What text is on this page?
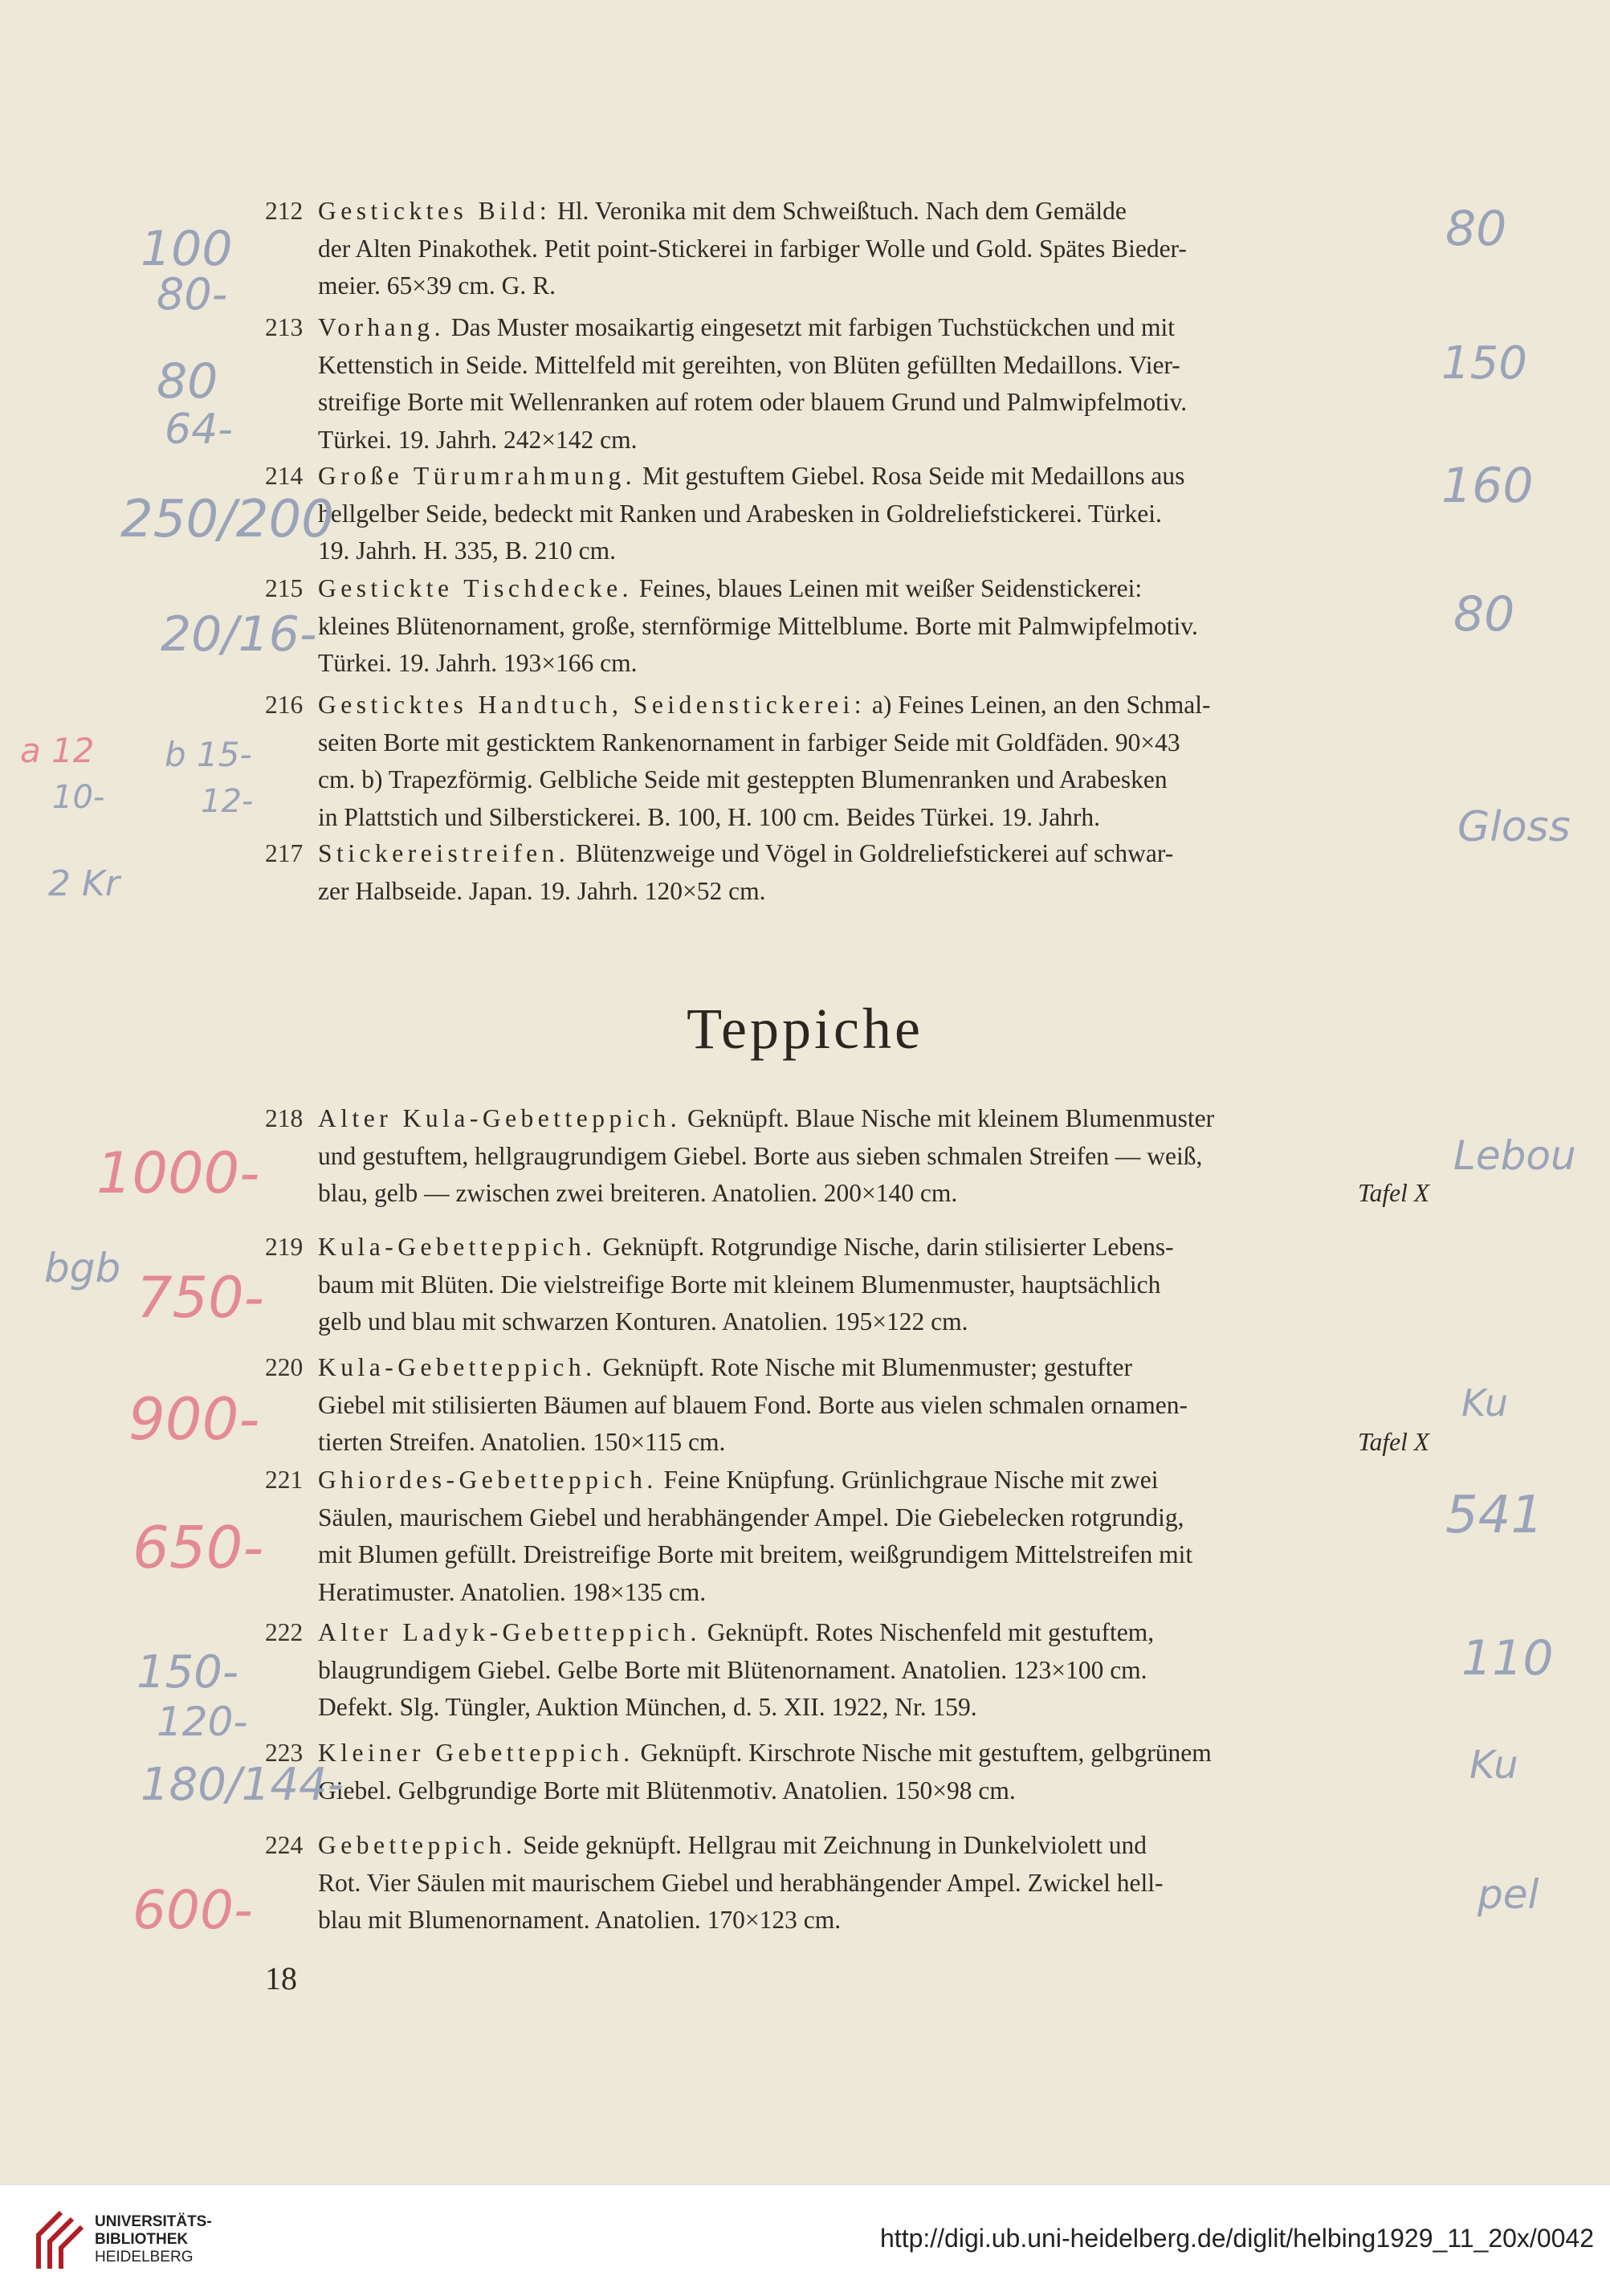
212 Gesticktes Bild: Hl. Veronika mit dem Schweißtuch. Nach dem Gemälde
der Alten Pinakothek. Petit point-Stickerei in farbiger Wolle und Gold. Spätes Bieder-
meier. 65×39 cm. G. R.
213 Vorhang. Das Muster mosaikartig eingesetzt mit farbigen Tuchstückchen und mit
Kettenstich in Seide. Mittelfeld mit gereihten, von Blüten gefüllten Medaillons. Vier-
streifige Borte mit Wellenranken auf rotem oder blauem Grund und Palmwipfelmotiv.
Türkei. 19. Jahrh. 242×142 cm.
214 Große Türumrahmung. Mit gestuftem Giebel. Rosa Seide mit Medaillons aus
hellgelber Seide, bedeckt mit Ranken und Arabesken in Goldreliefstickerei. Türkei.
19. Jahrh. H. 335, B. 210 cm.
215 Gestickte Tischdecke. Feines, blaues Leinen mit weißer Seidenstickerei:
kleines Blütenornament, große, sternförmige Mittelblume. Borte mit Palmwipfelmotiv.
Türkei. 19. Jahrh. 193×166 cm.
216 Gesticktes Handtuch, Seidenstickerei: a) Feines Leinen, an den Schmal-
seiten Borte mit gesticktem Rankenornament in farbiger Seide mit Goldfäden. 90×43
cm. b) Trapezförmig. Gelbliche Seide mit gesteppten Blumenranken und Arabesken
in Plattstich und Silberstickerei. B. 100, H. 100 cm. Beides Türkei. 19. Jahrh.
217 Stickereistreifen. Blütenzweige und Vögel in Goldreliefstickerei auf schwar-
zer Halbseide. Japan. 19. Jahrh. 120×52 cm.
Teppiche
218 Alter Kula-Gebetteppich. Geknüpft. Blaue Nische mit kleinem Blumenmuster
und gestuftem, hellgraugrundigem Giebel. Borte aus sieben schmalen Streifen — weiß,
blau, gelb — zwischen zwei breiteren. Anatolien. 200×140 cm.	Tafel X
219 Kula-Gebetteppich. Geknüpft. Rotgrundige Nische, darin stilisierter Lebens-
baum mit Blüten. Die vielstreifige Borte mit kleinem Blumenmuster, hauptsächlich
gelb und blau mit schwarzen Konturen. Anatolien. 195×122 cm.
220 Kula-Gebetteppich. Geknüpft. Rote Nische mit Blumenmuster; gestufter
Giebel mit stilisierten Bäumen auf blauem Fond. Borte aus vielen schmalen ornamen-
tierten Streifen. Anatolien. 150×115 cm.	Tafel X
221 Ghiordes-Gebetteppich. Feine Knüpfung. Grünlichgraue Nische mit zwei
Säulen, maurischem Giebel und herabhängender Ampel. Die Giebelecken rotgrundig,
mit Blumen gefüllt. Dreistreifige Borte mit breitem, weißgrundigem Mittelstreifen mit
Heratimuster. Anatolien. 198×135 cm.
222 Alter Ladyk-Gebetteppich. Geknüpft. Rotes Nischenfeld mit gestuftem,
blaugrundigem Giebel. Gelbe Borte mit Blütenornament. Anatolien. 123×100 cm.
Defekt. Slg. Tüngler, Auktion München, d. 5. XII. 1922, Nr. 159.
223 Kleiner Gebetteppich. Geknüpft. Kirschrote Nische mit gestuftem, gelbgrünem
Giebel. Gelbgrundige Borte mit Blütenmotiv. Anatolien. 150×98 cm.
224 Gebetteppich. Seide geknüpft. Hellgrau mit Zeichnung in Dunkelviolett und
Rot. Vier Säulen mit maurischem Giebel und herabhängender Ampel. Zwickel hell-
blau mit Blumenornament. Anatolien. 170×123 cm.
18
100
80-
80
80
64-
150
250/200
160
20/16-	80
a 12
10-
b 15-
12-
Gloss
2 Kr
1000-	Lebou
bgb 750-
900-	Ku
650-	541
150-
120-
110
180/144-	Ku
600-	pel
UNIVERSITÄTS-
BIBLIOTHEK
HEIDELBERG
http://digi.ub.uni-heidelberg.de/diglit/helbing1929_11_20x/0042
